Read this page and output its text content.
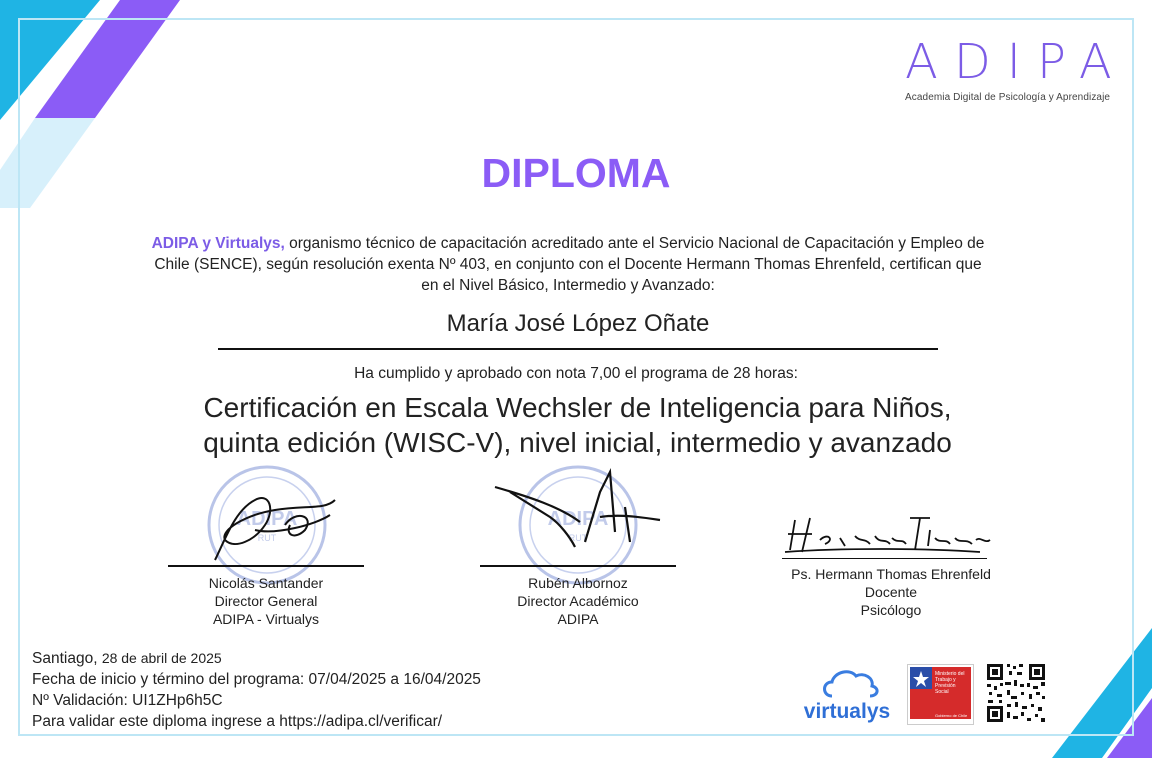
ADIPA
Academia Digital de Psicología y Aprendizaje
DIPLOMA
ADIPA y Virtualys, organismo técnico de capacitación acreditado ante el Servicio Nacional de Capacitación y Empleo de
Chile (SENCE), según resolución exenta Nº 403, en conjunto con el Docente Hermann Thomas Ehrenfeld, certifican que
en el Nivel Básico, Intermedio y Avanzado:
María José López Oñate
Ha cumplido y aprobado con nota 7,00 el programa de 28 horas:
Certificación en Escala Wechsler de Inteligencia para Niños,
quinta edición (WISC-V), nivel inicial, intermedio y avanzado
ADIPA
RUT
ADIPA
RUT
Nicolás Santander
Director General
ADIPA - Virtualys
Rubén Albornoz
Director Académico
ADIPA
Ps. Hermann Thomas Ehrenfeld
Docente
Psicólogo
Santiago, 28 de abril de 2025
Fecha de inicio y término del programa: 07/04/2025 a 16/04/2025
Nº Validación: UI1ZHp6h5C
Para validar este diploma ingrese a https://adipa.cl/verificar/	virtualys
Ministerio del
Trabajo y
Previsión
Social
Gobierno de Chile
